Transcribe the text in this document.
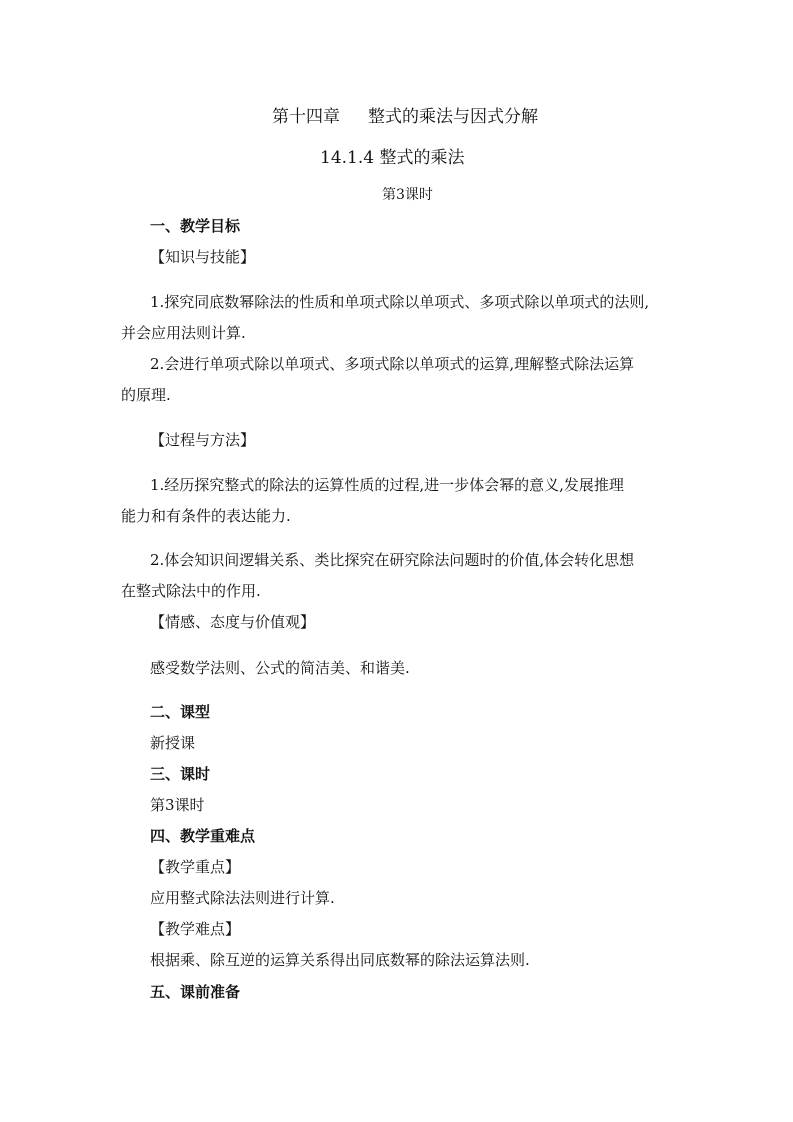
第十四章 整式的乘法与因式分解
14.1.4 整式的乘法
第3课时
一、教学目标
【知识与技能】
1.探究同底数幂除法的性质和单项式除以单项式、多项式除以单项式的法则,
并会应用法则计算.
2.会进行单项式除以单项式、多项式除以单项式的运算,理解整式除法运算
的原理.
【过程与方法】
1.经历探究整式的除法的运算性质的过程,进一步体会幂的意义,发展推理
能力和有条件的表达能力.
2.体会知识间逻辑关系、类比探究在研究除法问题时的价值,体会转化思想
在整式除法中的作用.
【情感、态度与价值观】
感受数学法则、公式的简洁美、和谐美.
二、课型
新授课
三、课时
第3课时
四、教学重难点
【教学重点】
应用整式除法法则进行计算.
【教学难点】
根据乘、除互逆的运算关系得出同底数幂的除法运算法则.
五、课前准备
